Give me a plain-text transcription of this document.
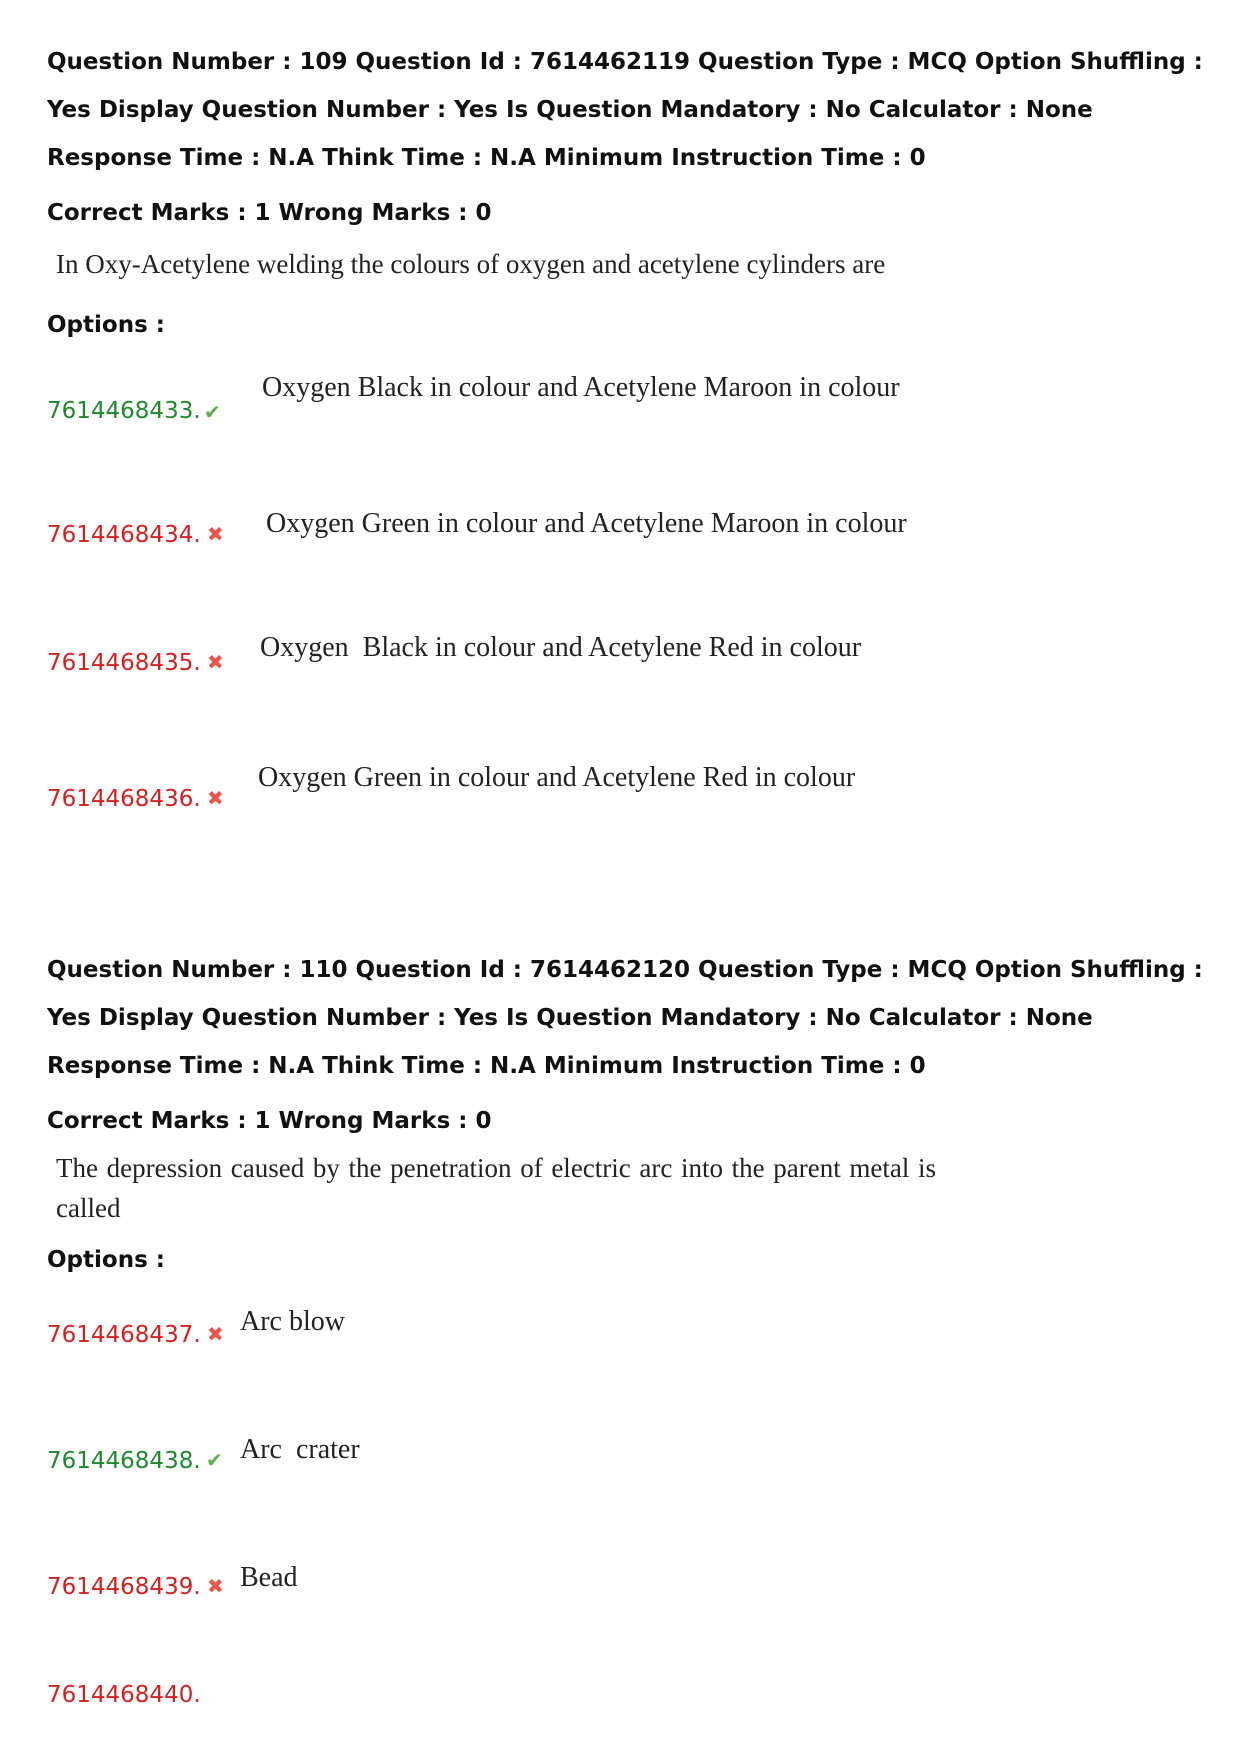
Question Number : 109 Question Id : 7614462119 Question Type : MCQ Option Shuffling : Yes Display Question Number : Yes Is Question Mandatory : No Calculator : None Response Time : N.A Think Time : N.A Minimum Instruction Time : 0
Correct Marks : 1 Wrong Marks : 0
In Oxy-Acetylene welding the colours of oxygen and acetylene cylinders are
Options :
7614468433. ✔
Oxygen Black in colour and Acetylene Maroon in colour
7614468434. ✖ Oxygen Green in colour and Acetylene Maroon in colour
7614468435. ✖ Oxygen  Black in colour and Acetylene Red in colour
7614468436. ✖
Oxygen Green in colour and Acetylene Red in colour
Question Number : 110 Question Id : 7614462120 Question Type : MCQ Option Shuffling : Yes Display Question Number : Yes Is Question Mandatory : No Calculator : None Response Time : N.A Think Time : N.A Minimum Instruction Time : 0
Correct Marks : 1 Wrong Marks : 0
The depression caused by the penetration of electric arc into the parent metal is called
Options :
7614468437. ✖ Arc blow
7614468438. ✔ Arc  crater
7614468439. ✖ Bead
7614468440.
